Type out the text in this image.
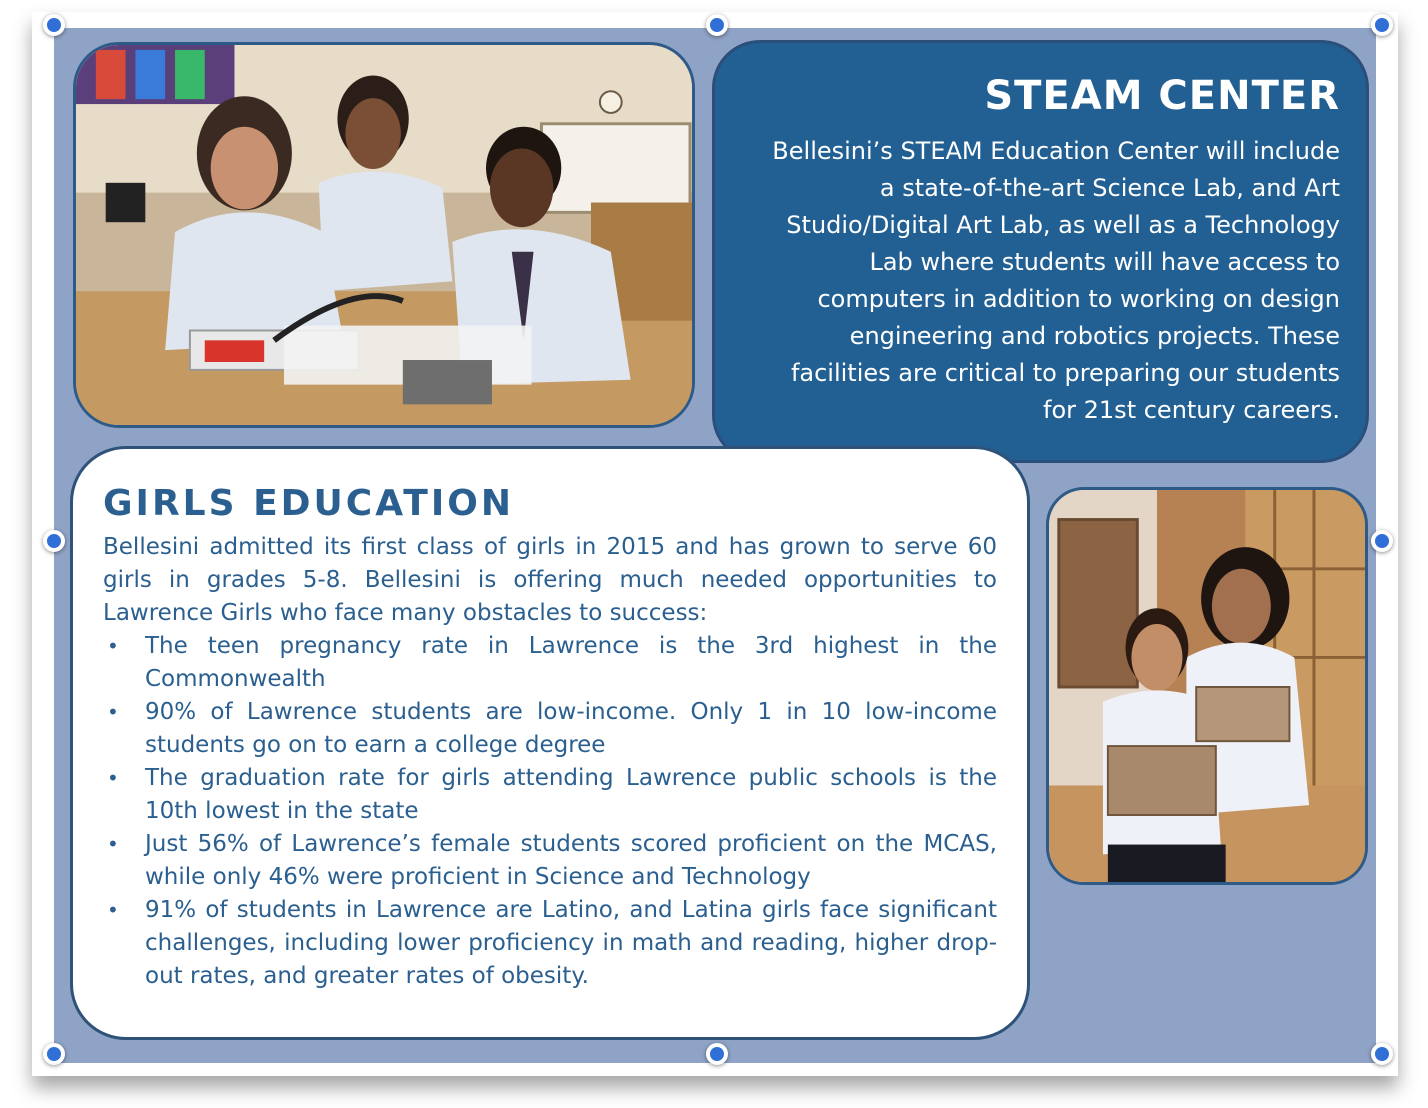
STEAM CENTER

Bellesini’s STEAM Education Center will include a state-of-the-art Science Lab, and Art Studio/Digital Art Lab, as well as a Technology Lab where students will have access to computers in addition to working on design engineering and robotics projects. These facilities are critical to preparing our students for 21st century careers.

GIRLS EDUCATION

Bellesini admitted its first class of girls in 2015 and has grown to serve 60 girls in grades 5-8. Bellesini is offering much needed opportunities to Lawrence Girls who face many obstacles to success:

• The teen pregnancy rate in Lawrence is the 3rd highest in the Commonwealth
• 90% of Lawrence students are low-income. Only 1 in 10 low-income students go on to earn a college degree
• The graduation rate for girls attending Lawrence public schools is the 10th lowest in the state
• Just 56% of Lawrence’s female students scored proficient on the MCAS, while only 46% were proficient in Science and Technology
• 91% of students in Lawrence are Latino, and Latina girls face significant challenges, including lower proficiency in math and reading, higher drop-out rates, and greater rates of obesity.
